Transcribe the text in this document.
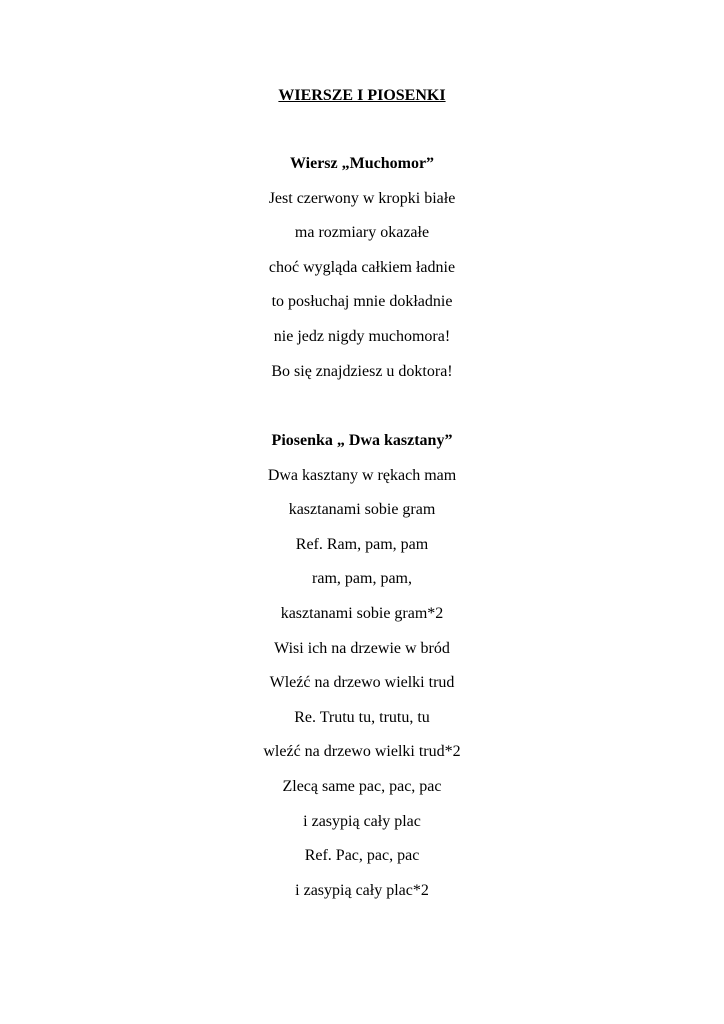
WIERSZE I PIOSENKI
Wiersz „Muchomor”
Jest czerwony w kropki białe
ma rozmiary okazałe
choć wygląda całkiem ładnie
to posłuchaj mnie dokładnie
nie jedz nigdy muchomora!
Bo się znajdziesz u doktora!
Piosenka „ Dwa kasztany”
Dwa kasztany w rękach mam
kasztanami sobie gram
Ref. Ram, pam, pam
ram, pam, pam,
kasztanami sobie gram*2
Wisi ich na drzewie w bród
Wleźć na drzewo wielki trud
Re. Trutu tu, trutu, tu
wleźć na drzewo wielki trud*2
Zlecą same pac, pac, pac
i zasypią cały plac
Ref. Pac, pac, pac
i zasypią cały plac*2
